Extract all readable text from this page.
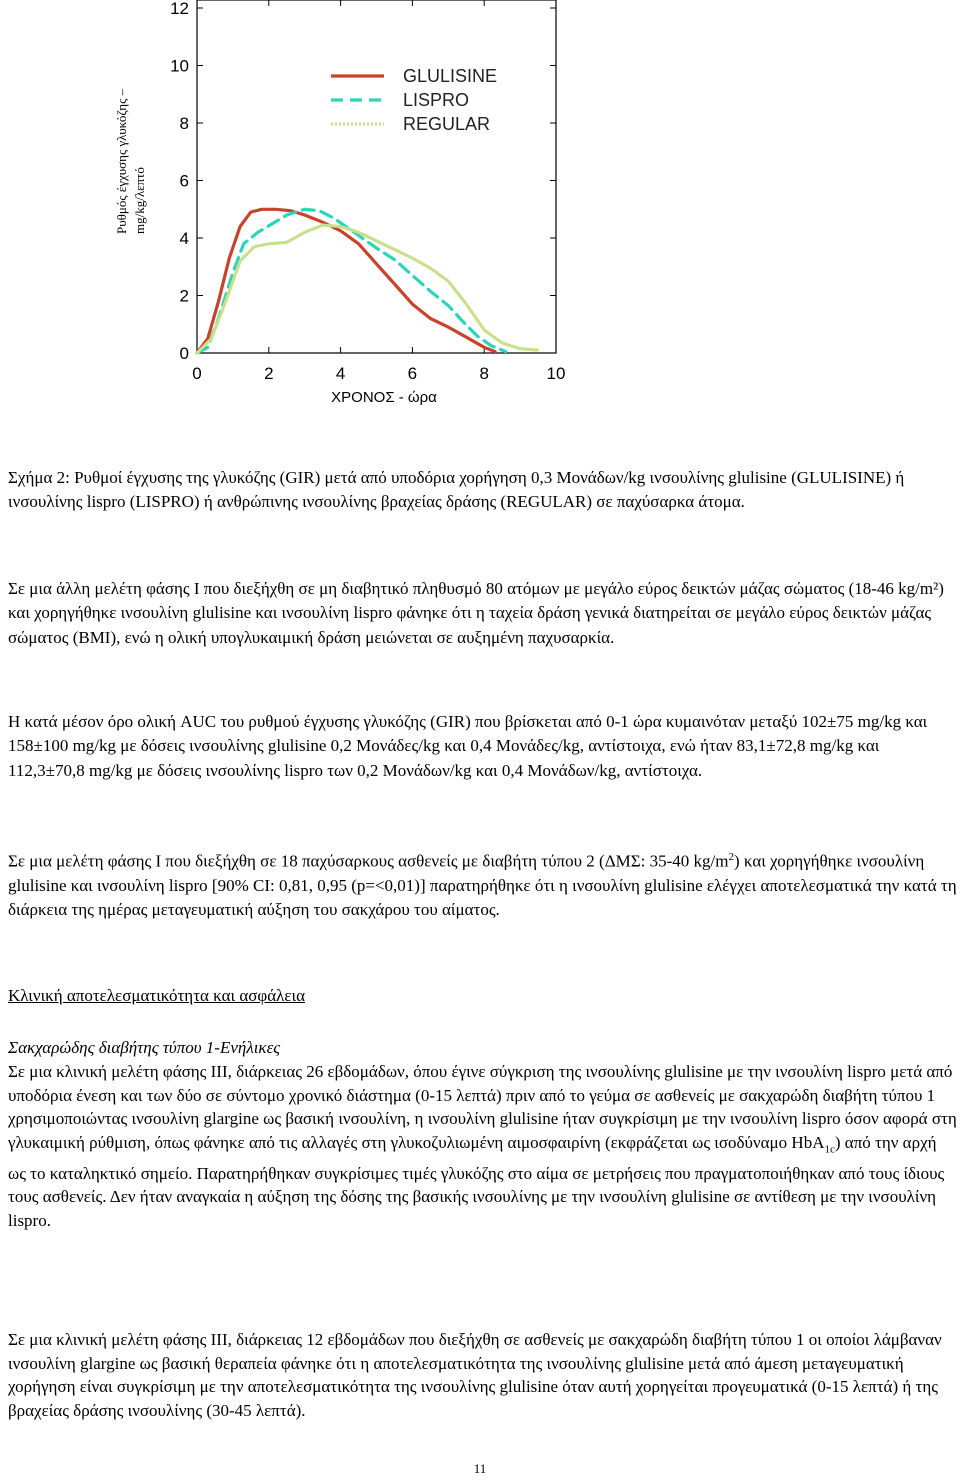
0	2	4	6	8	10
0
2
4
6
8
10
12
GLULISINE
LISPRO
REGULAR
Ρυθμός έγχυσης γλυκόζης – mg/kg/λεπτό
ΧΡΟΝΟΣ - ώρα

Σχήμα 2: Ρυθμοί έγχυσης της γλυκόζης (GIR) μετά από υποδόρια χορήγηση 0,3 Μονάδων/kg ινσουλίνης glulisine (GLULISINE) ή ινσουλίνης lispro (LISPRO) ή ανθρώπινης ινσουλίνης βραχείας δράσης (REGULAR) σε παχύσαρκα άτομα.

Σε μια άλλη μελέτη φάσης Ι που διεξήχθη σε μη διαβητικό πληθυσμό 80 ατόμων με μεγάλο εύρος δεικτών μάζας σώματος (18-46 kg/m²) και χορηγήθηκε ινσουλίνη glulisine και ινσουλίνη lispro φάνηκε ότι η ταχεία δράση γενικά διατηρείται σε μεγάλο εύρος δεικτών μάζας σώματος (BMI), ενώ η ολική υπογλυκαιμική δράση μειώνεται σε αυξημένη παχυσαρκία.

Η κατά μέσον όρο ολική AUC του ρυθμού έγχυσης γλυκόζης (GIR) που βρίσκεται από 0-1 ώρα κυμαινόταν μεταξύ 102±75 mg/kg και 158±100 mg/kg με δόσεις ινσουλίνης glulisine 0,2 Μονάδες/kg και 0,4 Μονάδες/kg, αντίστοιχα, ενώ ήταν 83,1±72,8 mg/kg και 112,3±70,8 mg/kg με δόσεις ινσουλίνης lispro των 0,2 Μονάδων/kg και 0,4 Μονάδων/kg, αντίστοιχα.

Σε μια μελέτη φάσης Ι που διεξήχθη σε 18 παχύσαρκους ασθενείς με διαβήτη τύπου 2 (ΔΜΣ: 35-40 $kg/m^2$) και χορηγήθηκε ινσουλίνη glulisine και ινσουλίνη lispro [90% CI: 0,81, 0,95 (p=<0,01)] παρατηρήθηκε ότι η ινσουλίνη glulisine ελέγχει αποτελεσματικά την κατά τη διάρκεια της ημέρας μεταγευματική αύξηση του σακχάρου του αίματος.

Κλινική αποτελεσματικότητα και ασφάλεια

Σακχαρώδης διαβήτης τύπου 1-Ενήλικες

Σε μια κλινική μελέτη φάσης ΙΙΙ, διάρκειας 26 εβδομάδων, όπου έγινε σύγκριση της ινσουλίνης glulisine με την ινσουλίνη lispro μετά από υποδόρια ένεση και των δύο σε σύντομο χρονικό διάστημα (0-15 λεπτά) πριν από το γεύμα σε ασθενείς με σακχαρώδη διαβήτη τύπου 1 χρησιμοποιώντας ινσουλίνη glargine ως βασική ινσουλίνη, η ινσουλίνη glulisine ήταν συγκρίσιμη με την ινσουλίνη lispro όσον αφορά στη γλυκαιμική ρύθμιση, όπως φάνηκε από τις αλλαγές στη γλυκοζυλιωμένη αιμοσφαιρίνη (εκφράζεται ως ισοδύναμο HbA$_{1c}$) από την αρχή ως το καταληκτικό σημείο. Παρατηρήθηκαν συγκρίσιμες τιμές γλυκόζης στο αίμα σε μετρήσεις που πραγματοποιήθηκαν από τους ίδιους τους ασθενείς. Δεν ήταν αναγκαία η αύξηση της δόσης της βασικής ινσουλίνης με την ινσουλίνη glulisine σε αντίθεση με την ινσουλίνη lispro.

Σε μια κλινική μελέτη φάσης ΙΙΙ, διάρκειας 12 εβδομάδων που διεξήχθη σε ασθενείς με σακχαρώδη διαβήτη τύπου 1 οι οποίοι λάμβαναν ινσουλίνη glargine ως βασική θεραπεία φάνηκε ότι η αποτελεσματικότητα της ινσουλίνης glulisine μετά από άμεση μεταγευματική χορήγηση είναι συγκρίσιμη με την αποτελεσματικότητα της ινσουλίνης glulisine όταν αυτή χορηγείται προγευματικά (0-15 λεπτά) ή της βραχείας δράσης ινσουλίνης (30-45 λεπτά).

11
